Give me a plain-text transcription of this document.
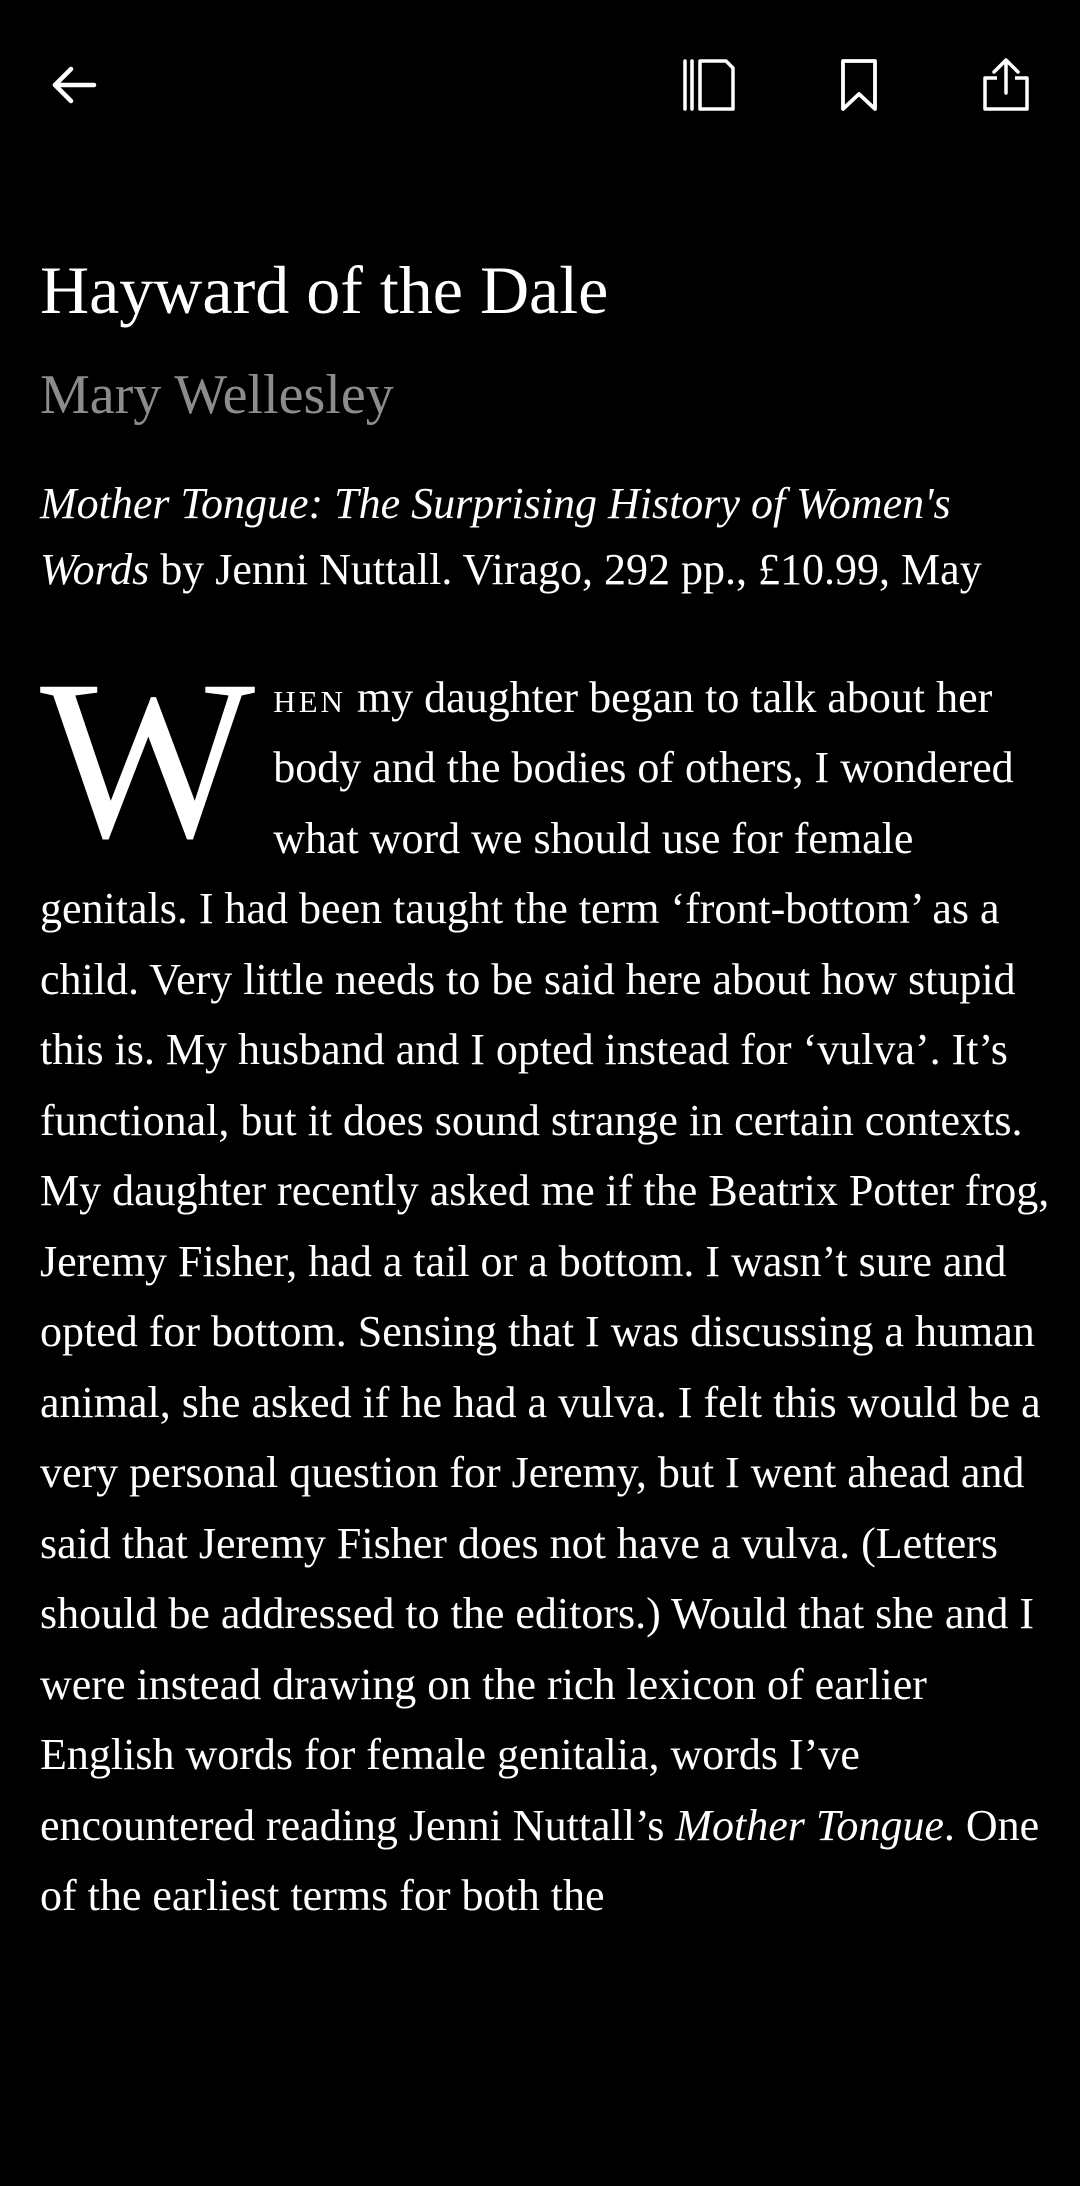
Hayward of the Dale

Mary Wellesley

Mother Tongue: The Surprising History of Women's Words by Jenni Nuttall. Virago, 292 pp., £10.99, May

When my daughter began to talk about her body and the bodies of others, I wondered what word we should use for female genitals. I had been taught the term ‘front-bottom’ as a child. Very little needs to be said here about how stupid this is. My husband and I opted instead for ‘vulva’. It’s functional, but it does sound strange in certain contexts. My daughter recently asked me if the Beatrix Potter frog, Jeremy Fisher, had a tail or a bottom. I wasn’t sure and opted for bottom. Sensing that I was discussing a human animal, she asked if he had a vulva. I felt this would be a very personal question for Jeremy, but I went ahead and said that Jeremy Fisher does not have a vulva. (Letters should be addressed to the editors.) Would that she and I were instead drawing on the rich lexicon of earlier English words for female genitalia, words I’ve encountered reading Jenni Nuttall’s Mother Tongue. One of the earliest terms for both the
